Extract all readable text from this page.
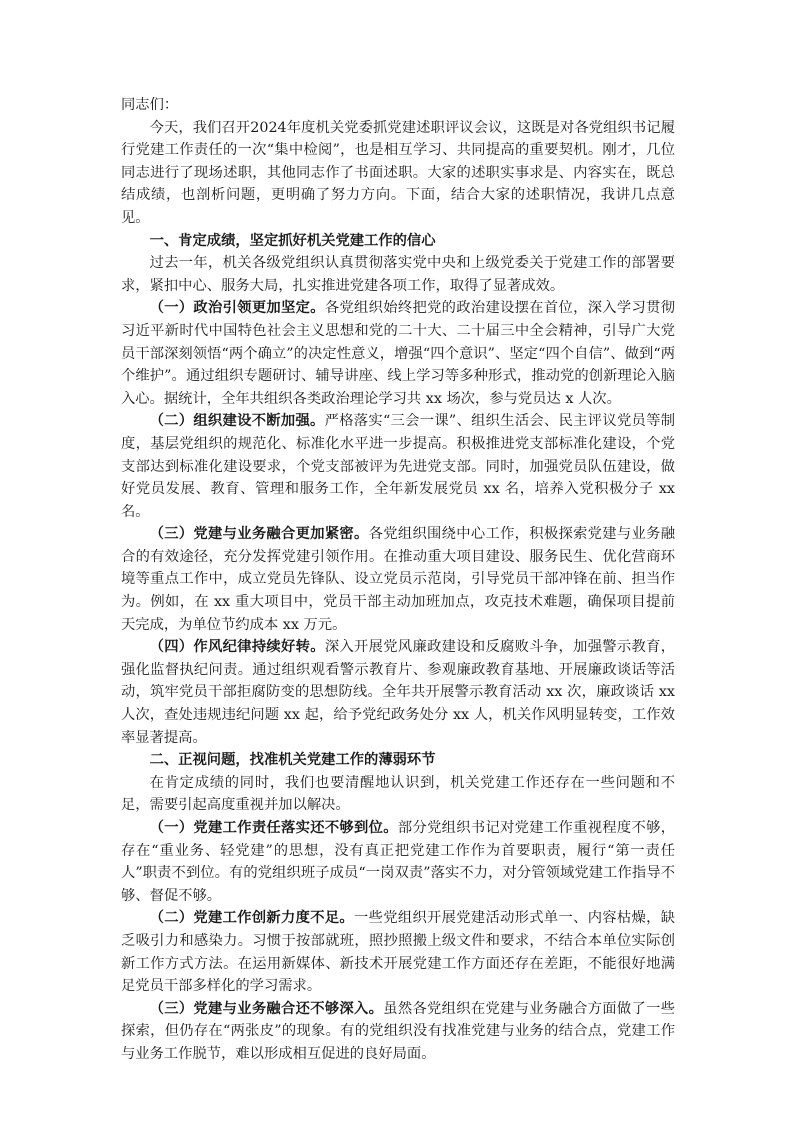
同志们：

今天，我们召开2024年度机关党委抓党建述职评议会议，这既是对各党组织书记履行党建工作责任的一次“集中检阅”，也是相互学习、共同提高的重要契机。刚才，几位同志进行了现场述职，其他同志作了书面述职。大家的述职实事求是、内容实在，既总结成绩，也剖析问题，更明确了努力方向。下面，结合大家的述职情况，我讲几点意见。

一、肯定成绩，坚定抓好机关党建工作的信心

过去一年，机关各级党组织认真贯彻落实党中央和上级党委关于党建工作的部署要求，紧扣中心、服务大局，扎实推进党建各项工作，取得了显著成效。

（一）政治引领更加坚定。各党组织始终把党的政治建设摆在首位，深入学习贯彻习近平新时代中国特色社会主义思想和党的二十大、二十届三中全会精神，引导广大党员干部深刻领悟“两个确立”的决定性意义，增强“四个意识”、坚定“四个自信”、做到“两个维护”。通过组织专题研讨、辅导讲座、线上学习等多种形式，推动党的创新理论入脑入心。据统计，全年共组织各类政治理论学习共 xx 场次，参与党员达 x 人次。

（二）组织建设不断加强。严格落实“三会一课”、组织生活会、民主评议党员等制度，基层党组织的规范化、标准化水平进一步提高。积极推进党支部标准化建设，个党支部达到标准化建设要求，个党支部被评为先进党支部。同时，加强党员队伍建设，做好党员发展、教育、管理和服务工作，全年新发展党员 xx 名，培养入党积极分子 xx 名。

（三）党建与业务融合更加紧密。各党组织围绕中心工作，积极探索党建与业务融合的有效途径，充分发挥党建引领作用。在推动重大项目建设、服务民生、优化营商环境等重点工作中，成立党员先锋队、设立党员示范岗，引导党员干部冲锋在前、担当作为。例如，在 xx 重大项目中，党员干部主动加班加点，攻克技术难题，确保项目提前天完成，为单位节约成本 xx 万元。

（四）作风纪律持续好转。深入开展党风廉政建设和反腐败斗争，加强警示教育，强化监督执纪问责。通过组织观看警示教育片、参观廉政教育基地、开展廉政谈话等活动，筑牢党员干部拒腐防变的思想防线。全年共开展警示教育活动 xx 次，廉政谈话 xx 人次，查处违规违纪问题 xx 起，给予党纪政务处分 xx 人，机关作风明显转变，工作效率显著提高。

二、正视问题，找准机关党建工作的薄弱环节

在肯定成绩的同时，我们也要清醒地认识到，机关党建工作还存在一些问题和不足，需要引起高度重视并加以解决。

（一）党建工作责任落实还不够到位。部分党组织书记对党建工作重视程度不够，存在“重业务、轻党建”的思想，没有真正把党建工作作为首要职责，履行“第一责任人”职责不到位。有的党组织班子成员“一岗双责”落实不力，对分管领域党建工作指导不够、督促不够。

（二）党建工作创新力度不足。一些党组织开展党建活动形式单一、内容枯燥，缺乏吸引力和感染力。习惯于按部就班，照抄照搬上级文件和要求，不结合本单位实际创新工作方式方法。在运用新媒体、新技术开展党建工作方面还存在差距，不能很好地满足党员干部多样化的学习需求。

（三）党建与业务融合还不够深入。虽然各党组织在党建与业务融合方面做了一些探索，但仍存在“两张皮”的现象。有的党组织没有找准党建与业务的结合点，党建工作与业务工作脱节，难以形成相互促进的良好局面。
